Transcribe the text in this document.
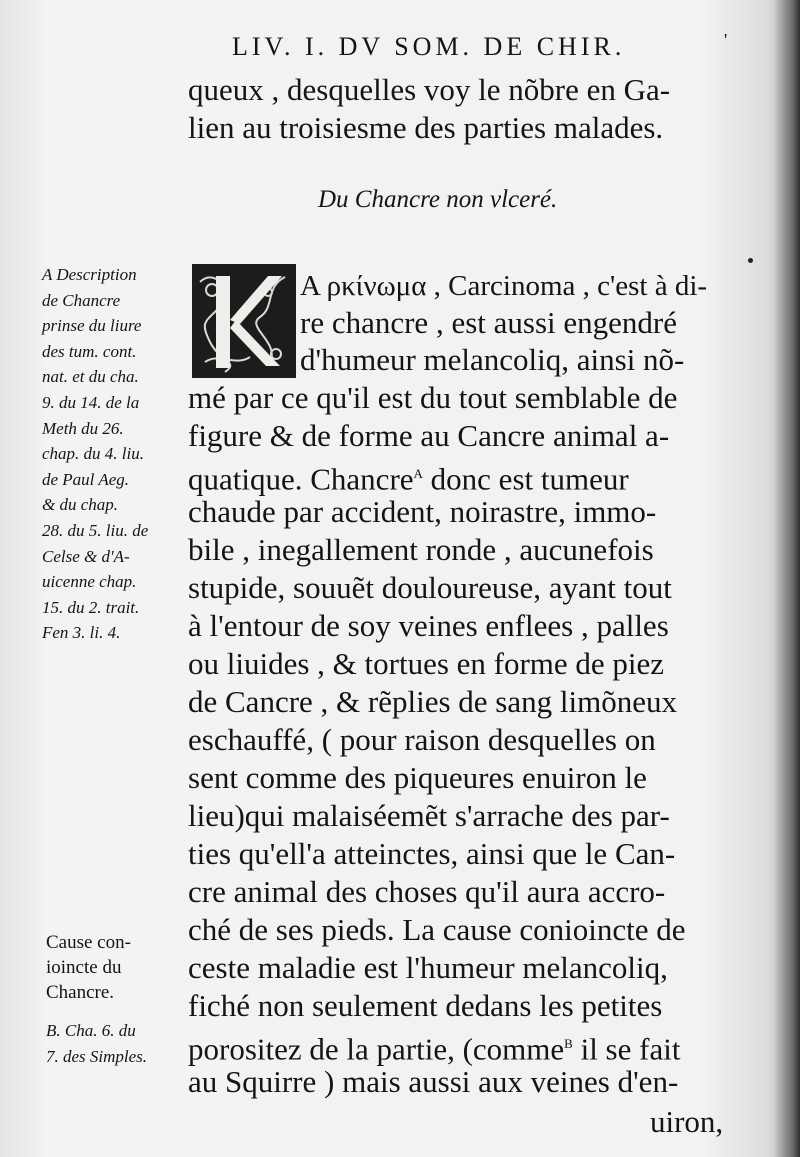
LIV. I. DV SOM. DE CHIR.	'
queux , desquelles voy le nõbre en Ga-
lien au troisiesme des parties malades.
Du Chancre non vlceré.
A ρκίνωμα , Carcinoma , c'est à di-
re chancre , est aussi engendré
d'humeur melancoliq, ainsi nõ-
mé par ce qu'il est du tout semblable de
figure & de forme au Cancre animal a-
quatique. Chancre$^A$ donc est tumeur
chaude par accident, noirastre, immo-
bile , inegallement ronde , aucunefois
stupide, souuẽt douloureuse, ayant tout
à l'entour de soy veines enflees , palles
ou liuides , & tortues en forme de piez
de Cancre , & rẽplies de sang limõneux
eschauffé, ( pour raison desquelles on
sent comme des piqueures enuiron le
lieu)qui malaiséemẽt s'arrache des par-
ties qu'ell'a atteinctes, ainsi que le Can-
cre animal des choses qu'il aura accro-
ché de ses pieds. La cause conioincte de
ceste maladie est l'humeur melancoliq,
fiché non seulement dedans les petites
porositez de la partie, (comme$^B$ il se fait
au Squirre ) mais aussi aux veines d'en-
uiron,
A Description
de Chancre
prinse du liure
des tum. cont.
nat. et du cha.
9. du 14. de la
Meth du 26.
chap. du 4. liu.
de Paul Aeg.
& du chap.
28. du 5. liu. de
Celse & d'A-
uicenne chap.
15. du 2. trait.
Fen 3. li. 4.
Cause con-
ioincte du
Chancre.
B. Cha. 6. du
7. des Simples.
